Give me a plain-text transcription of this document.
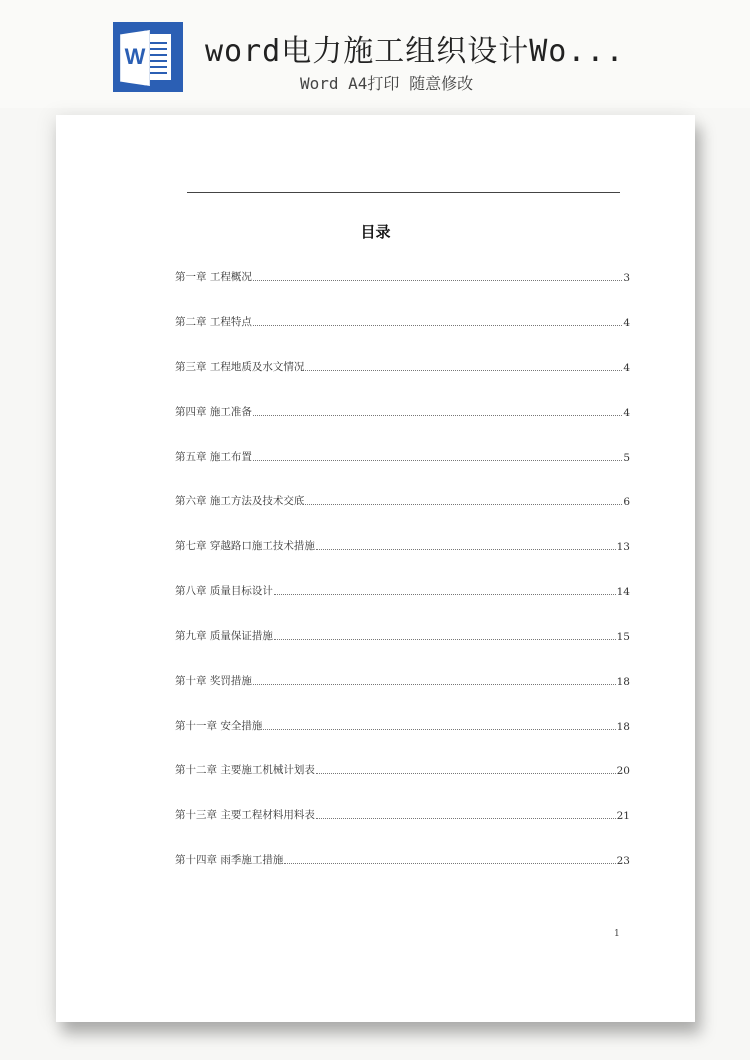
W word电力施工组织设计Wo...
Word A4打印 随意修改
目录
第一章 工程概况	3
第二章 工程特点	4
第三章 工程地质及水文情况	4
第四章 施工准备	4
第五章 施工布置	5
第六章 施工方法及技术交底	6
第七章 穿越路口施工技术措施	13
第八章 质量目标设计	14
第九章 质量保证措施	15
第十章 奖罚措施	18
第十一章 安全措施	18
第十二章 主要施工机械计划表	20
第十三章 主要工程材料用料表	21
第十四章 雨季施工措施	23
1
